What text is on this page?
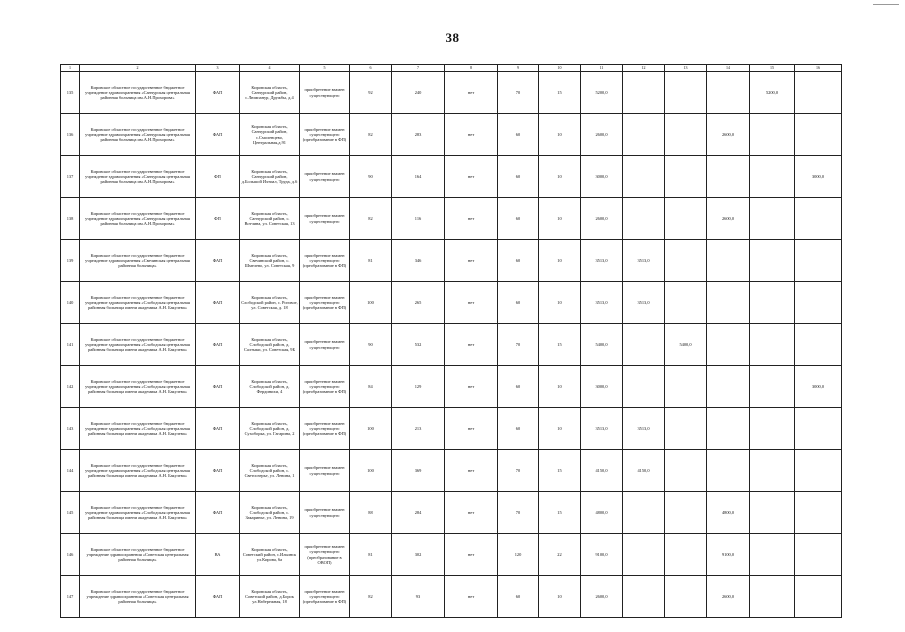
38
1	2	3	4	5	6	7	8	9	10	11	12	13	14	15	16
135	Кировское областное государственное бюджетное учреждение здравоохранения «Санчурская центральная районная больница им.А.Н.Прохорова»	ФАП	Кировская область, Санчурский район, с.Люмпанур, Дружбы, д.4	приобретение взамен существующего	92	240	нет	70	15	5200,0				5200,0	
136	Кировское областное государственное бюджетное учреждение здравоохранения «Санчурская центральная районная больница им.А.Н.Прохорова»	ФАП	Кировская область, Санчурский район, с.Смоленцево, Центральная,д.91	приобретение взамен существующего (преобразование в ФП)	82	283	нет	60	10	2600,0			2600,0		
137	Кировское областное государственное бюджетное учреждение здравоохранения «Санчурская центральная районная больница им.А.Н.Прохорова»	ФП	Кировская область, Санчурский район, д.Большой Ихтиал, Труда, д.6	приобретение взамен существующего	90	164	нет	60	10	3000,0					3000,0
138	Кировское областное государственное бюджетное учреждение здравоохранения «Санчурская центральная районная больница им.А.Н.Прохорова»	ФП	Кировская область, Санчурский район, с. Вотчина, ул. Советская, 13	приобретение взамен существующего	82	116	нет	60	10	2600,0			2600,0		
139	Кировское областное государственное бюджетное учреждение здравоохранения «Свечинская центральная районная больница»	ФАП	Кировская область, Свечинский район, с. Шмелево, ул. Советская, 9	приобретение взамен существующего (преобразование в ФП)	81	346	нет	60	10	3513,0	3513,0				
140	Кировское областное государственное бюджетное учреждение здравоохранения «Слободская центральная районная больница имени академика А.Н. Бакулева»	ФАП	Кировская область, Слободской район, с. Роговое, ул. Советская, д. 18	приобретение взамен существующего (преобразование в ФП)	100	265	нет	60	10	3513,0	3513,0				
141	Кировское областное государственное бюджетное учреждение здравоохранения «Слободская центральная районная больница имени академика А.Н. Бакулева»	ФАП	Кировская область, Слободской район, д. Салтыки, ул. Советская, 9Б	приобретение взамен существующего	90	532	нет	70	15	5400,0		5400,0			
142	Кировское областное государственное бюджетное учреждение здравоохранения «Слободская центральная районная больница имени академика А.Н. Бакулева»	ФАП	Кировская область, Слободской район, д. Фердинихи, 4	приобретение взамен существующего (преобразование в ФП)	84	129	нет	60	10	3000,0					3000,0
143	Кировское областное государственное бюджетное учреждение здравоохранения «Слободская центральная районная больница имени академика А.Н. Бакулева»	ФАП	Кировская область, Слободской район, д. Сухоборка, ул. Гагарина, 2	приобретение взамен существующего (преобразование в ФП)	100	213	нет	60	10	3513,0	3513,0				
144	Кировское областное государственное бюджетное учреждение здравоохранения «Слободская центральная районная больница имени академика А.Н. Бакулева»	ФАП	Кировская область, Слободской район, с. Светоозерье, ул. Ленина, 1	приобретение взамен существующего	100	369	нет	70	15	4150,0	4150,0				
145	Кировское областное государственное бюджетное учреждение здравоохранения «Слободская центральная районная больница имени академика А.Н. Бакулева»	ФАП	Кировская область, Слободской район, с. Закаринье, ул. Ленина, 19	приобретение взамен существующего	88	284	нет	70	15	4800,0			4800,0		
146	Кировское областное государственное бюджетное учреждение здравоохранения «Советская центральная районная больница»	ВА	Кировская область, Советский район, с.Ильинск ул.Кирова, 6а	приобретение взамен существующего (преобразование в ОВОП)	81	302	нет	120	22	9100,0			9100,0		
147	Кировское областное государственное бюджетное учреждение здравоохранения «Советская центральная районная больница»	ФАП	Кировская область, Советский район, д.Борок ул.Набережная, 18	приобретение взамен существующего (преобразование в ФП)	82	93	нет	60	10	2600,0			2600,0		
